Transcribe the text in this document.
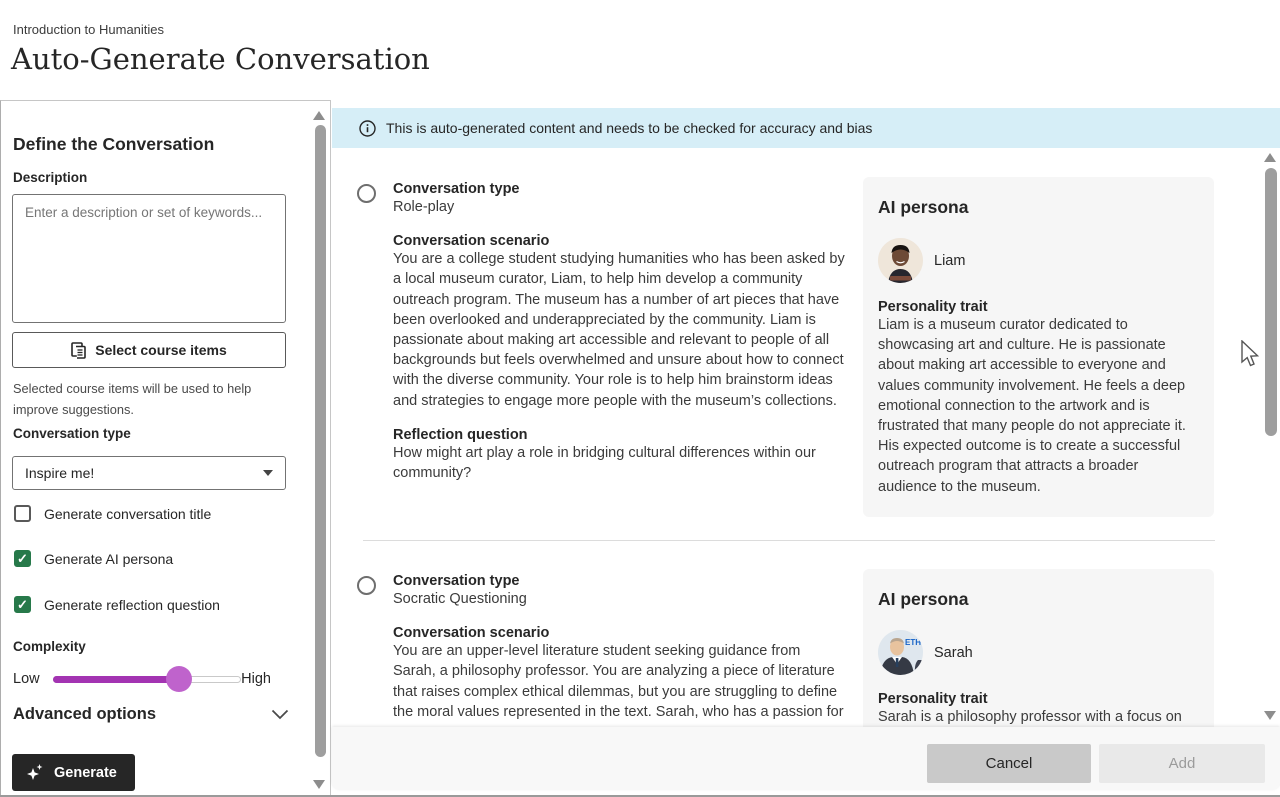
Introduction to Humanities
Auto-Generate Conversation
Define the Conversation
Description
Enter a description or set of keywords...
Select course items
Selected course items will be used to help improve suggestions.
Conversation type
Inspire me!
Generate conversation title
✓
Generate AI persona
✓
Generate reflection question
Complexity
Low	High
Advanced options
Generate
This is auto-generated content and needs to be checked for accuracy and bias
Conversation type
Role-play
Conversation scenario
You are a college student studying humanities who has been asked by a local museum curator, Liam, to help him develop a community outreach program. The museum has a number of art pieces that have been overlooked and underappreciated by the community. Liam is passionate about making art accessible and relevant to people of all backgrounds but feels overwhelmed and unsure about how to connect with the diverse community. Your role is to help him brainstorm ideas and strategies to engage more people with the museum’s collections.
Reflection question
How might art play a role in bridging cultural differences within our community?
AI persona
Liam
Personality trait
Liam is a museum curator dedicated to showcasing art and culture. He is passionate about making art accessible to everyone and values community involvement. He feels a deep emotional connection to the artwork and is frustrated that many people do not appreciate it. His expected outcome is to create a successful outreach program that attracts a broader audience to the museum.
Conversation type
Socratic Questioning
Conversation scenario
You are an upper-level literature student seeking guidance from Sarah, a philosophy professor. You are analyzing a piece of literature that raises complex ethical dilemmas, but you are struggling to define the moral values represented in the text. Sarah, who has a passion for
AI persona
ETH
Sarah
Personality trait
Sarah is a philosophy professor with a focus on
Cancel	Add
